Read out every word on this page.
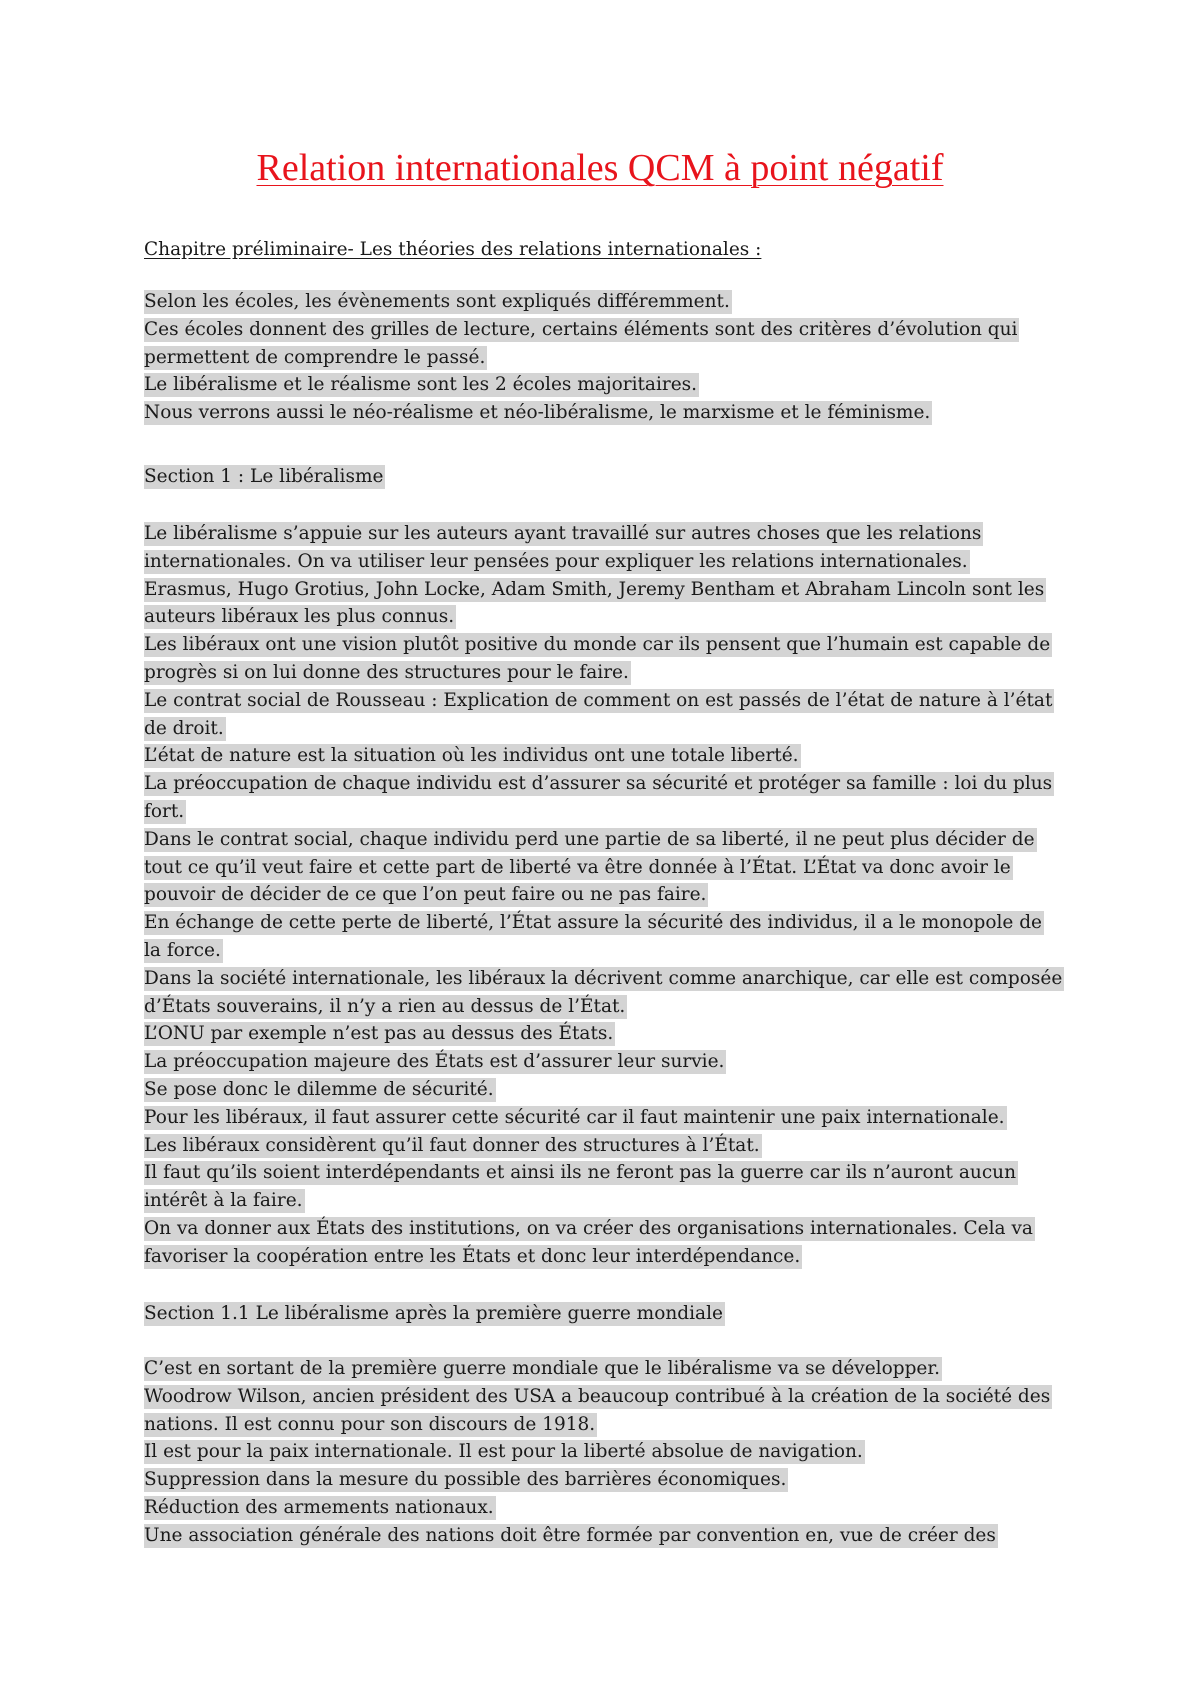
Relation internationales QCM à point négatif
Chapitre préliminaire- Les théories des relations internationales :
Selon les écoles, les évènements sont expliqués différemment.
Ces écoles donnent des grilles de lecture, certains éléments sont des critères d’évolution qui permettent de comprendre le passé.
Le libéralisme et le réalisme sont les 2 écoles majoritaires.
Nous verrons aussi le néo-réalisme et néo-libéralisme, le marxisme et le féminisme.
Section 1 : Le libéralisme
Le libéralisme s’appuie sur les auteurs ayant travaillé sur autres choses que les relations internationales. On va utiliser leur pensées pour expliquer les relations internationales.
Erasmus, Hugo Grotius, John Locke, Adam Smith, Jeremy Bentham et Abraham Lincoln sont les auteurs libéraux les plus connus.
Les libéraux ont une vision plutôt positive du monde car ils pensent que l’humain est capable de progrès si on lui donne des structures pour le faire.
Le contrat social de Rousseau : Explication de comment on est passés de l’état de nature à l’état de droit.
L’état de nature est la situation où les individus ont une totale liberté.
La préoccupation de chaque individu est d’assurer sa sécurité et protéger sa famille : loi du plus fort.
Dans le contrat social, chaque individu perd une partie de sa liberté, il ne peut plus décider de tout ce qu’il veut faire et cette part de liberté va être donnée à l’État. L’État va donc avoir le pouvoir de décider de ce que l’on peut faire ou ne pas faire.
En échange de cette perte de liberté, l’État assure la sécurité des individus, il a le monopole de la force.
Dans la société internationale, les libéraux la décrivent comme anarchique, car elle est composée d’États souverains, il n’y a rien au dessus de l’État.
L’ONU par exemple n’est pas au dessus des États.
La préoccupation majeure des États est d’assurer leur survie.
Se pose donc le dilemme de sécurité.
Pour les libéraux, il faut assurer cette sécurité car il faut maintenir une paix internationale.
Les libéraux considèrent qu’il faut donner des structures à l’État.
Il faut qu’ils soient interdépendants et ainsi ils ne feront pas la guerre car ils n’auront aucun intérêt à la faire.
On va donner aux États des institutions, on va créer des organisations internationales. Cela va favoriser la coopération entre les États et donc leur interdépendance.
Section 1.1 Le libéralisme après la première guerre mondiale
C’est en sortant de la première guerre mondiale que le libéralisme va se développer.
Woodrow Wilson, ancien président des USA a beaucoup contribué à la création de la société des nations. Il est connu pour son discours de 1918.
Il est pour la paix internationale. Il est pour la liberté absolue de navigation.
Suppression dans la mesure du possible des barrières économiques.
Réduction des armements nationaux.
Une association générale des nations doit être formée par convention en, vue de créer des
